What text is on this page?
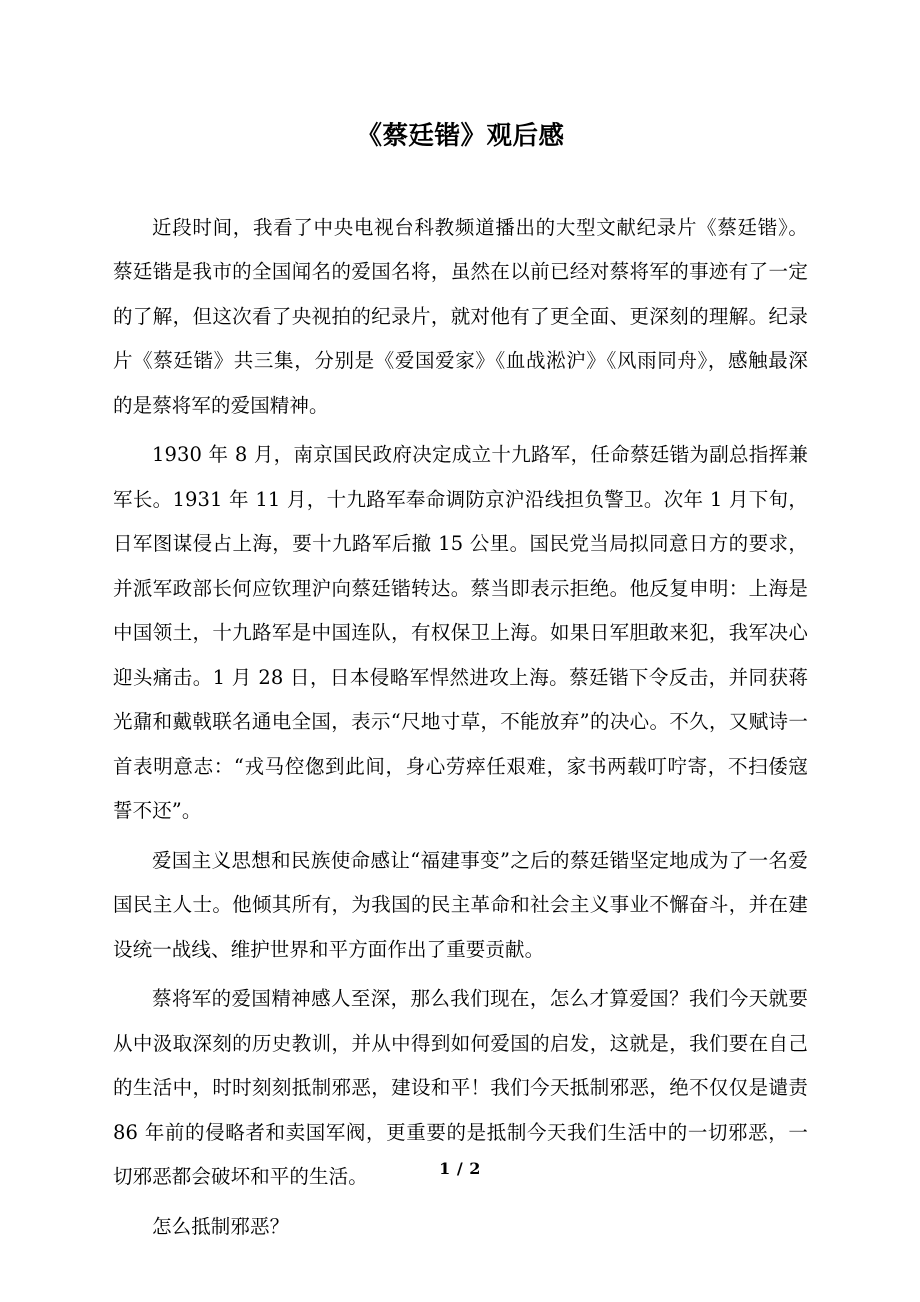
《蔡廷锴》观后感

近段时间，我看了中央电视台科教频道播出的大型文献纪录片《蔡廷锴》。蔡廷锴是我市的全国闻名的爱国名将，虽然在以前已经对蔡将军的事迹有了一定的了解，但这次看了央视拍的纪录片，就对他有了更全面、更深刻的理解。纪录片《蔡廷锴》共三集，分别是《爱国爱家》《血战淞沪》《风雨同舟》，感触最深的是蔡将军的爱国精神。

1930 年 8 月，南京国民政府决定成立十九路军，任命蔡廷锴为副总指挥兼军长。1931 年 11 月，十九路军奉命调防京沪沿线担负警卫。次年 1 月下旬，日军图谋侵占上海，要十九路军后撤 15 公里。国民党当局拟同意日方的要求，并派军政部长何应钦理沪向蔡廷锴转达。蔡当即表示拒绝。他反复申明：上海是中国领土，十九路军是中国连队，有权保卫上海。如果日军胆敢来犯，我军决心迎头痛击。1 月 28 日，日本侵略军悍然进攻上海。蔡廷锴下令反击，并同获蒋光鼐和戴戟联名通电全国，表示“尺地寸草，不能放弃”的决心。不久，又赋诗一首表明意志：“戎马倥偬到此间，身心劳瘁任艰难，家书两载叮咛寄，不扫倭寇誓不还”。

爱国主义思想和民族使命感让“福建事变”之后的蔡廷锴坚定地成为了一名爱国民主人士。他倾其所有，为我国的民主革命和社会主义事业不懈奋斗，并在建设统一战线、维护世界和平方面作出了重要贡献。

蔡将军的爱国精神感人至深，那么我们现在，怎么才算爱国？我们今天就要从中汲取深刻的历史教训，并从中得到如何爱国的启发，这就是，我们要在自己的生活中，时时刻刻抵制邪恶，建设和平！我们今天抵制邪恶，绝不仅仅是谴责 86 年前的侵略者和卖国军阀，更重要的是抵制今天我们生活中的一切邪恶，一切邪恶都会破坏和平的生活。

怎么抵制邪恶？

1 / 2
